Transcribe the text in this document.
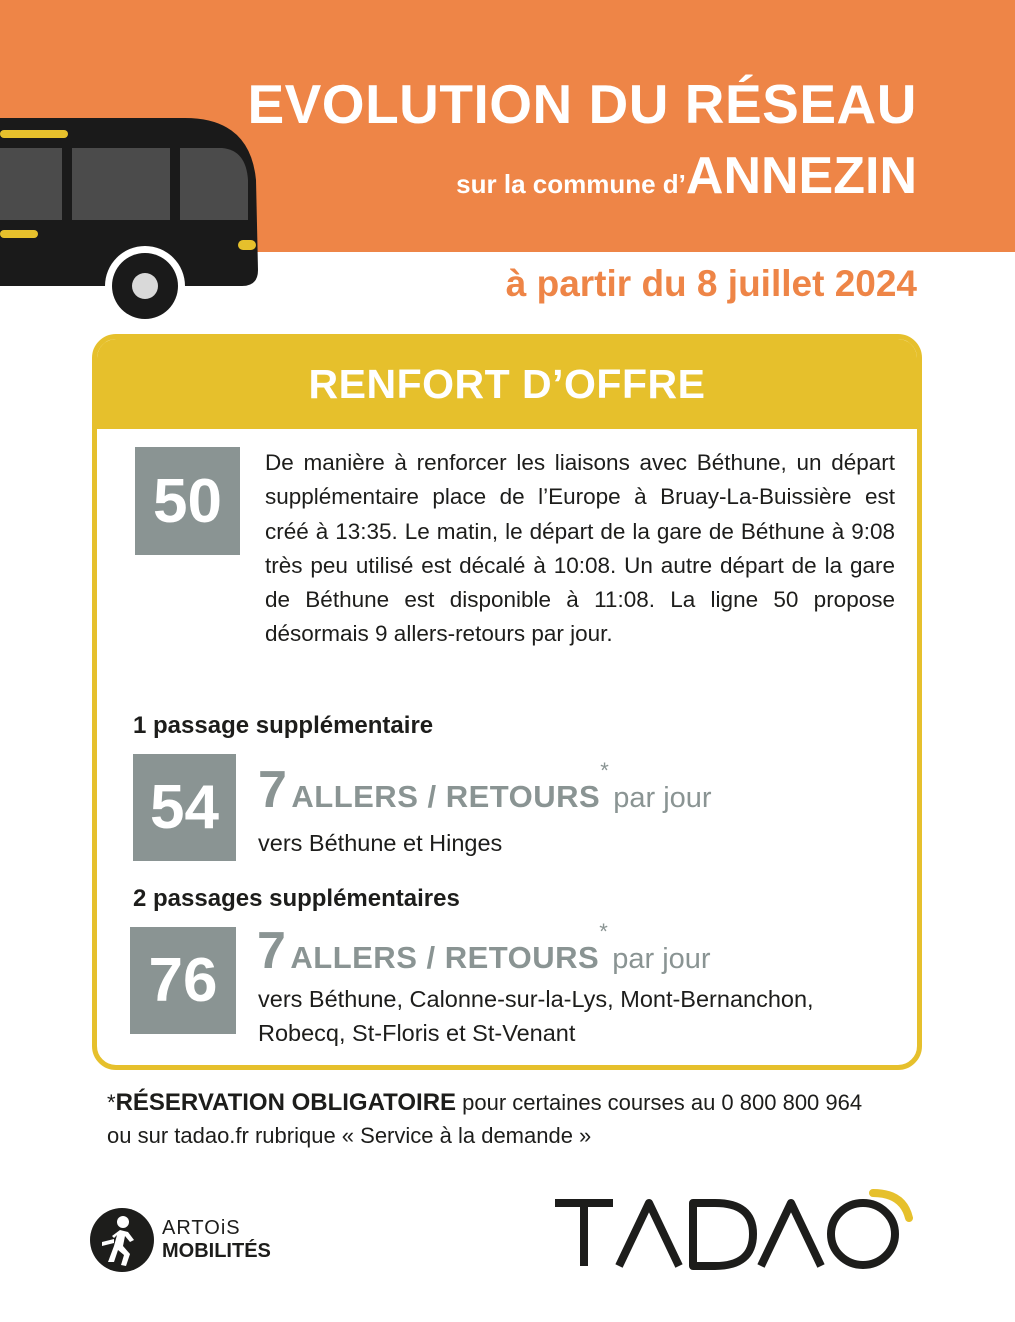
EVOLUTION DU RÉSEAU
sur la commune d’ANNEZIN
à partir du 8 juillet 2024
RENFORT D’OFFRE
50
De manière à renforcer les liaisons avec Béthune, un départ supplémentaire place de l’Europe à Bruay-La-Buissière est créé à 13:35. Le matin, le départ de la gare de Béthune à 9:08 très peu utilisé est décalé à 10:08. Un autre départ de la gare de Béthune est disponible à 11:08. La ligne 50 propose désormais 9 allers-retours par jour.
1 passage supplémentaire
54 7 ALLERS / RETOURS* par jour
vers Béthune et Hinges
2 passages supplémentaires
76 7 ALLERS / RETOURS* par jour
vers Béthune, Calonne-sur-la-Lys, Mont-Bernanchon,
Robecq, St-Floris et St-Venant
*RÉSERVATION OBLIGATOIRE pour certaines courses au 0 800 800 964
ou sur tadao.fr rubrique « Service à la demande »
ARTOiS
MOBILITÉS
